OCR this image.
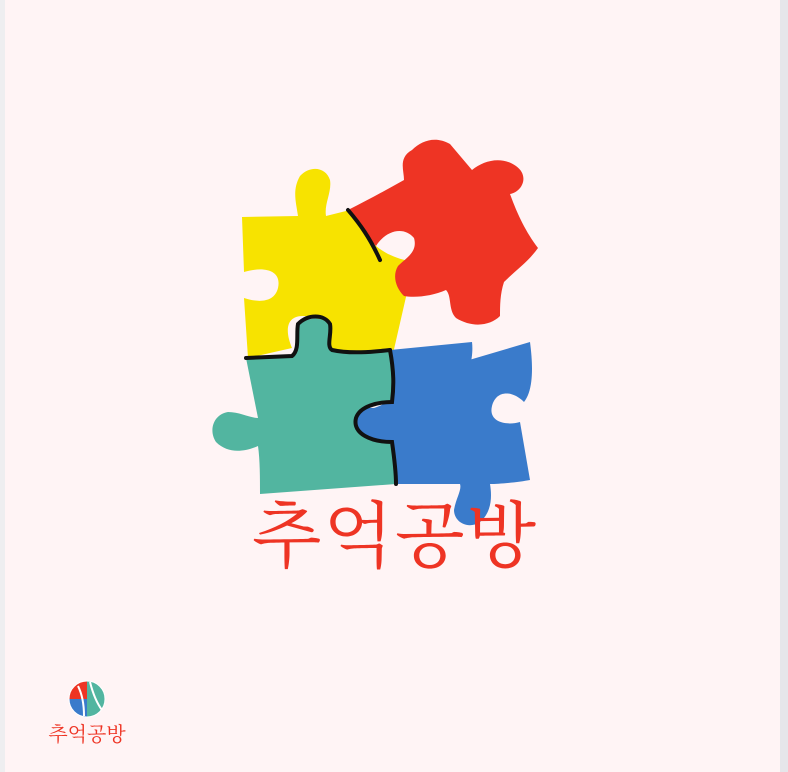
추억공방
추억공방
